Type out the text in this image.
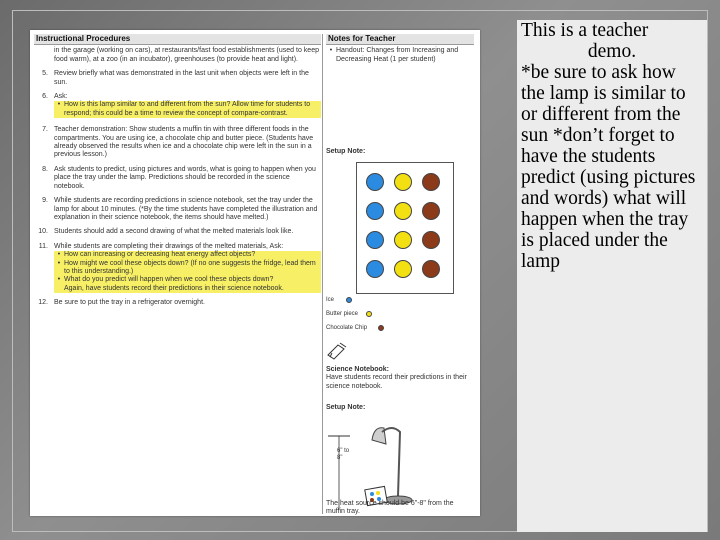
Instructional Procedures
in the garage (working on cars), at restaurants/fast food establishments (used to keep food warm), at a zoo (in an incubator), greenhouses (to provide heat and light).
5. Review briefly what was demonstrated in the last unit when objects were left in the sun.
6. Ask:
• How is this lamp similar to and different from the sun? Allow time for students to respond; this could be a time to review the concept of compare-contrast.
7. Teacher demonstration: Show students a muffin tin with three different foods in the compartments. You are using ice, a chocolate chip and butter piece. (Students have already observed the results when ice and a chocolate chip were left in the sun in a previous lesson.)
8. Ask students to predict, using pictures and words, what is going to happen when you place the tray under the lamp. Predictions should be recorded in the science notebook.
9. While students are recording predictions in science notebook, set the tray under the lamp for about 10 minutes. (*By the time students have completed the illustration and explanation in their science notebook, the items should have melted.)
10. Students should add a second drawing of what the melted materials look like.
11. While students are completing their drawings of the melted materials, Ask:
• How can increasing or decreasing heat energy affect objects?
• How might we cool these objects down? (If no one suggests the fridge, lead them to this understanding.)
• What do you predict will happen when we cool these objects down?
Again, have students record their predictions in their science notebook.
12. Be sure to put the tray in a refrigerator overnight.
Notes for Teacher
• Handout: Changes from Increasing and Decreasing Heat (1 per student)
Setup Note:
Ice
Butter piece
Chocolate Chip
Science Notebook:
Have students record their predictions in their science notebook.
Setup Note:
6" to 8"
The heat source should be 6"-8" from the muffin tray.

This is a teacher

demo.

*be sure to ask how the lamp is similar to or different from the sun *don’t forget to have the students predict (using pictures and words) what will happen when the tray is placed under the lamp
